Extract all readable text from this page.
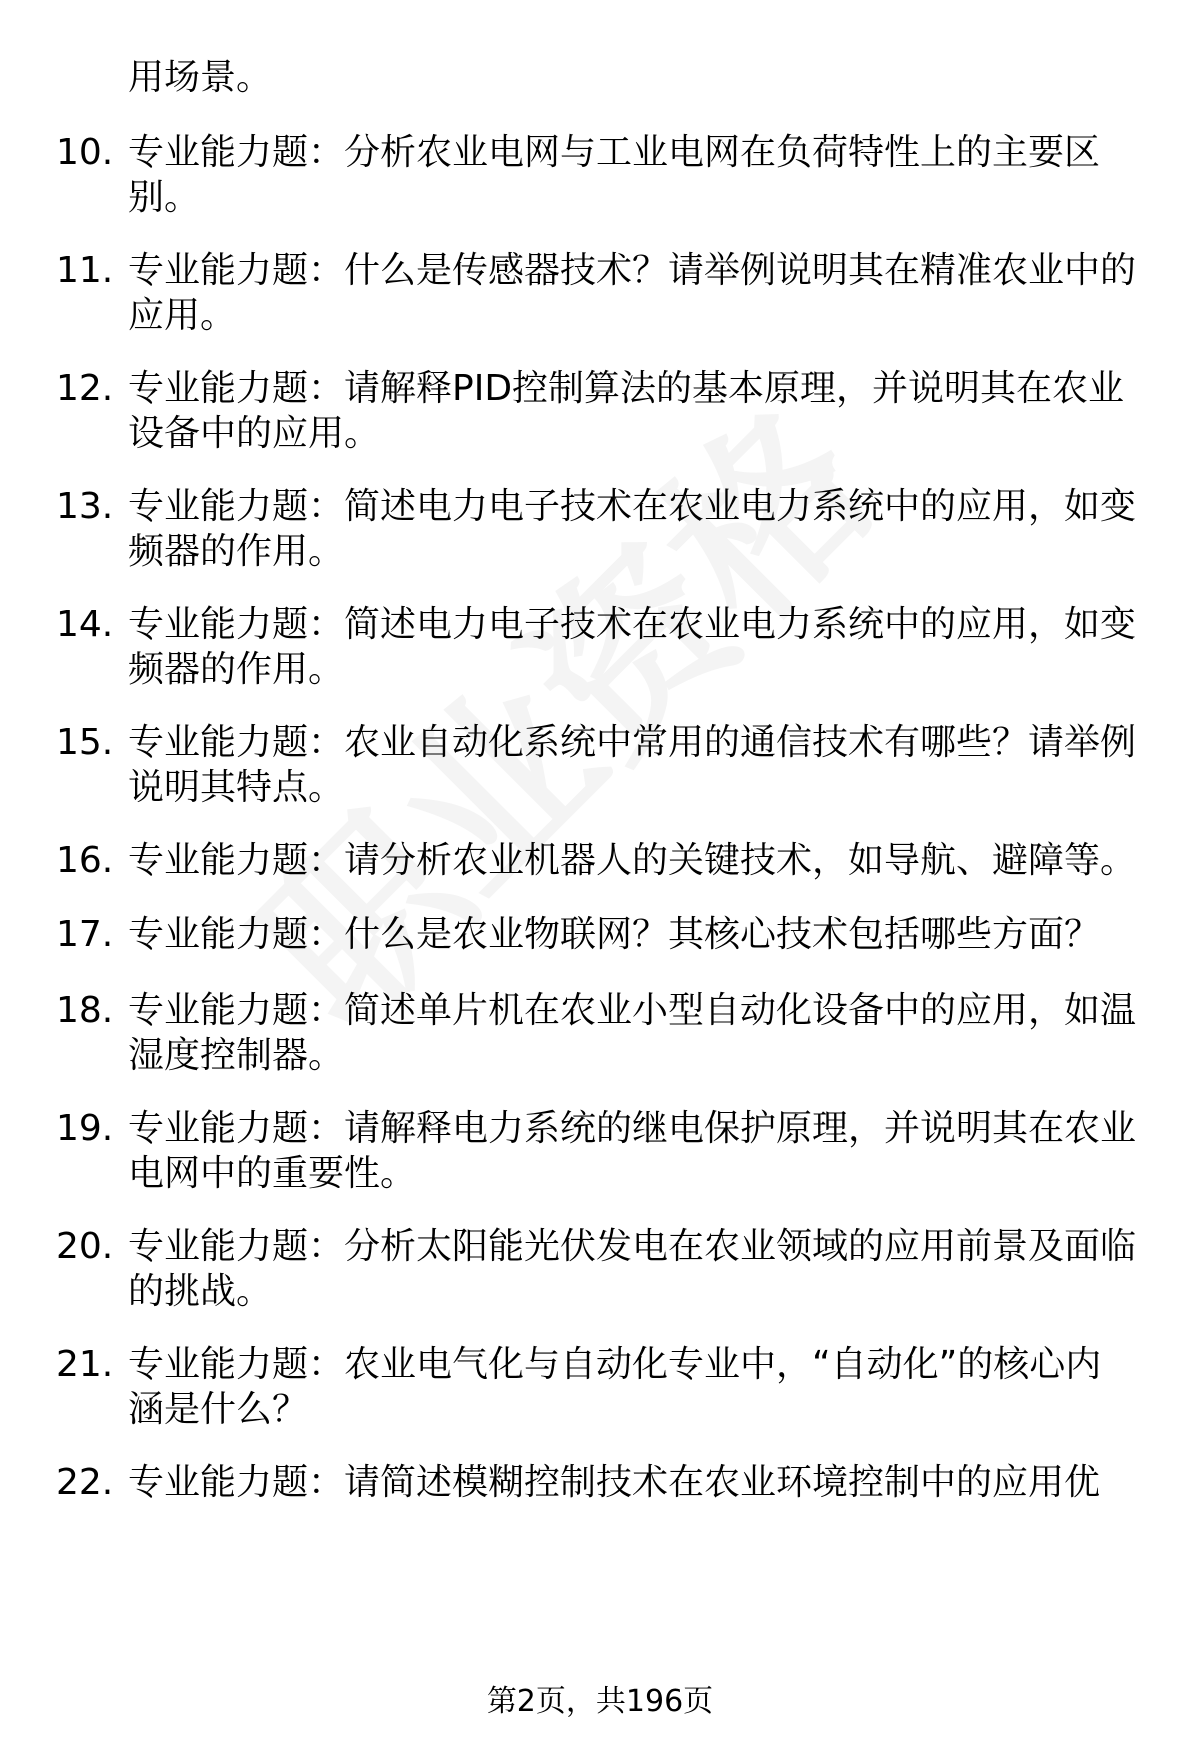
用场景。
10. 专业能力题：分析农业电网与工业电网在负荷特性上的主要区
别。
11. 专业能力题：什么是传感器技术？请举例说明其在精准农业中的
应用。
12. 专业能力题：请解释PID控制算法的基本原理，并说明其在农业
设备中的应用。
13. 专业能力题：简述电力电子技术在农业电力系统中的应用，如变
频器的作用。
14. 专业能力题：简述电力电子技术在农业电力系统中的应用，如变
频器的作用。
15. 专业能力题：农业自动化系统中常用的通信技术有哪些？请举例
说明其特点。
16. 专业能力题：请分析农业机器人的关键技术，如导航、避障等。
17. 专业能力题：什么是农业物联网？其核心技术包括哪些方面？
18. 专业能力题：简述单片机在农业小型自动化设备中的应用，如温
湿度控制器。
19. 专业能力题：请解释电力系统的继电保护原理，并说明其在农业
电网中的重要性。
20. 专业能力题：分析太阳能光伏发电在农业领域的应用前景及面临
的挑战。
21. 专业能力题：农业电气化与自动化专业中，“自动化”的核心内
涵是什么？
22. 专业能力题：请简述模糊控制技术在农业环境控制中的应用优
第2页，共196页
